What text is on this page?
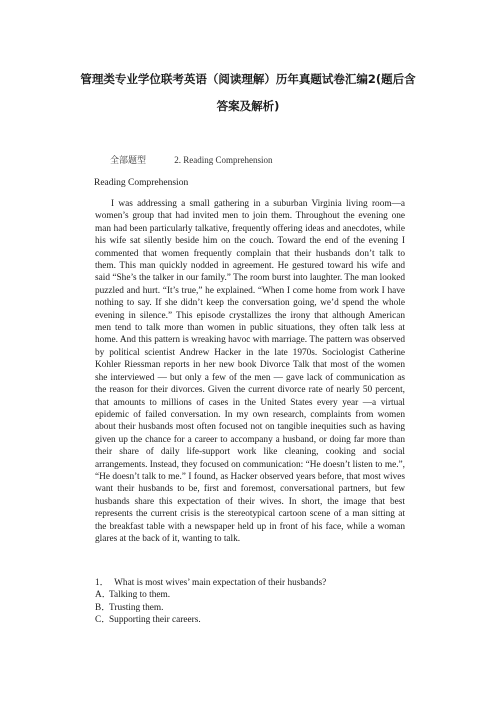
管理类专业学位联考英语（阅读理解）历年真题试卷汇编2(题后含
答案及解析)
全部题型	2. Reading Comprehension
Reading Comprehension

I was addressing a small gathering in a suburban Virginia living room—a women’s group that had invited men to join them. Throughout the evening one man had been particularly talkative, frequently offering ideas and anecdotes, while his wife sat silently beside him on the couch. Toward the end of the evening I commented that women frequently complain that their husbands don’t talk to them. This man quickly nodded in agreement. He gestured toward his wife and said “She’s the talker in our family.” The room burst into laughter. The man looked puzzled and hurt. “It’s true,” he explained. “When I come home from work I have nothing to say. If she didn’t keep the conversation going, we’d spend the whole evening in silence.” This episode crystallizes the irony that although American men tend to talk more than women in public situations, they often talk less at home. And this pattern is wreaking havoc with marriage. The pattern was observed by political scientist Andrew Hacker in the late 1970s. Sociologist Catherine Kohler Riessman reports in her new book Divorce Talk that most of the women she interviewed — but only a few of the men — gave lack of communication as the reason for their divorces. Given the current divorce rate of nearly 50 percent, that amounts to millions of cases in the United States every year —a virtual epidemic of failed conversation. In my own research, complaints from women about their husbands most often focused not on tangible inequities such as having given up the chance for a career to accompany a husband, or doing far more than their share of daily life-support work like cleaning, cooking and social arrangements. Instead, they focused on communication: “He doesn’t listen to me.”, “He doesn’t talk to me.” I found, as Hacker observed years before, that most wives want their husbands to be, first and foremost, conversational partners, but few husbands share this expectation of their wives. In short, the image that best represents the current crisis is the stereotypical cartoon scene of a man sitting at the breakfast table with a newspaper held up in front of his face, while a woman glares at the back of it, wanting to talk.

1． What is most wives’ main expectation of their husbands?
A．Talking to them.
B．Trusting them.
C．Supporting their careers.
